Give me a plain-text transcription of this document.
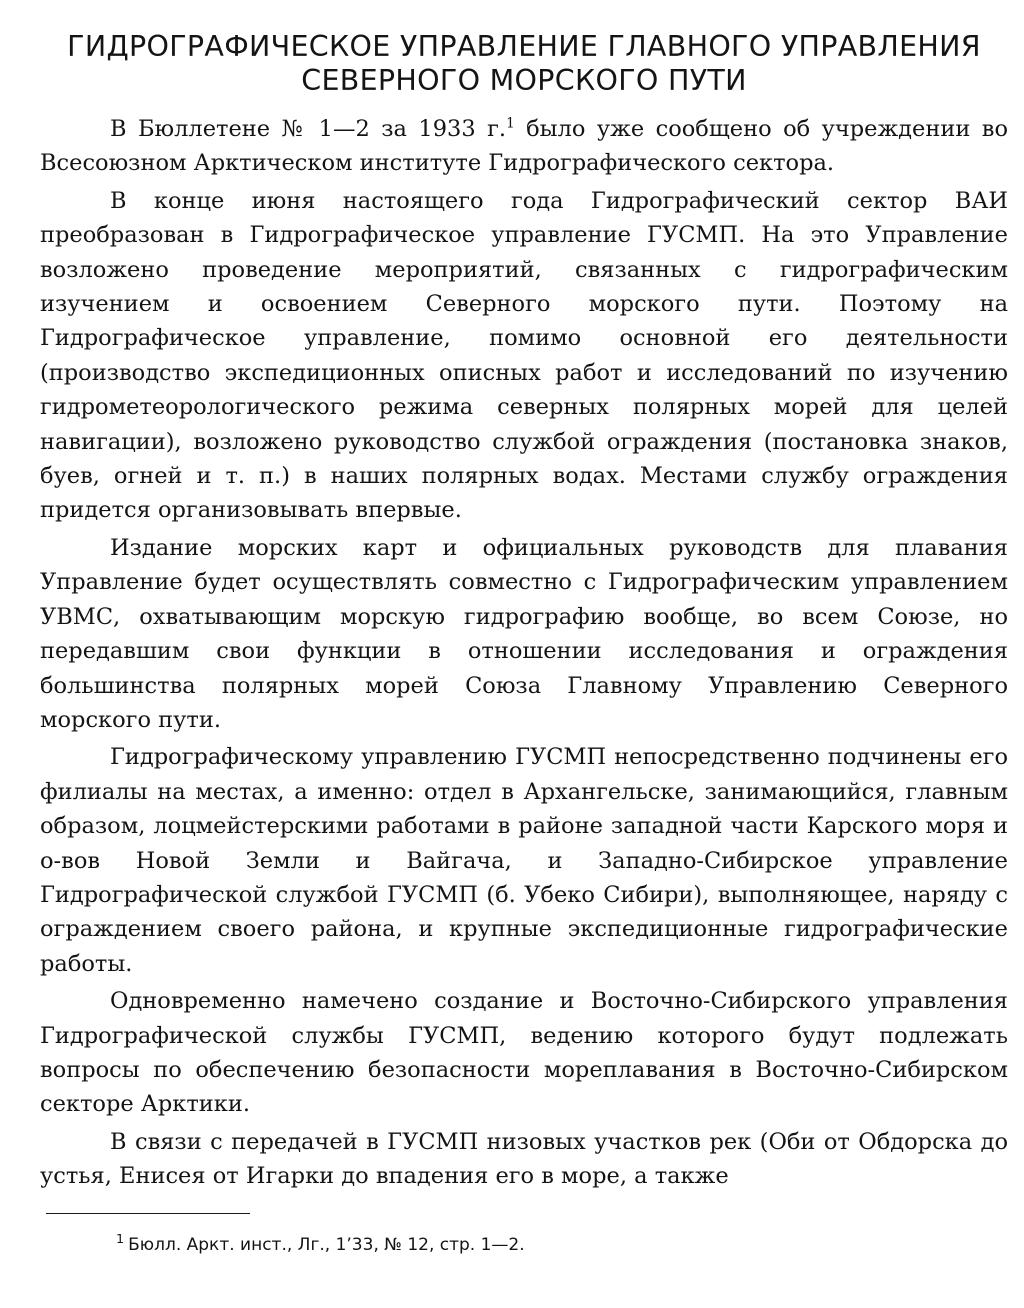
ГИДРОГРАФИЧЕСКОЕ УПРАВЛЕНИЕ ГЛАВНОГО УПРАВЛЕНИЯ
СЕВЕРНОГО МОРСКОГО ПУТИ

В Бюллетене № 1—2 за 1933 г.$^1$ было уже сообщено об учреждении во Всесоюзном Арктическом институте Гидрографического сектора.

В конце июня настоящего года Гидрографический сектор ВАИ преобразован в Гидрографическое управление ГУСМП. На это Управление возложено проведение мероприятий, связанных с гидрографическим изучением и освоением Северного морского пути. Поэтому на Гидрографическое управление, помимо основной его деятельности (производство экспедиционных описных работ и исследований по изучению гидрометеорологического режима северных полярных морей для целей навигации), возложено руководство службой ограждения (постановка знаков, буев, огней и т. п.) в наших полярных водах. Местами службу ограждения придется организовывать впервые.

Издание морских карт и официальных руководств для плавания Управление будет осуществлять совместно с Гидрографическим управлением УВМС, охватывающим морскую гидрографию вообще, во всем Союзе, но передавшим свои функции в отношении исследования и ограждения большинства полярных морей Союза Главному Управлению Северного морского пути.

Гидрографическому управлению ГУСМП непосредственно подчинены его филиалы на местах, а именно: отдел в Архангельске, занимающийся, главным образом, лоцмейстерскими работами в районе западной части Карского моря и о-вов Новой Земли и Вайгача, и Западно-Сибирское управление Гидрографической службой ГУСМП (б. Убеко Сибири), выполняющее, наряду с ограждением своего района, и крупные экспедиционные гидрографические работы.

Одновременно намечено создание и Восточно-Сибирского управления Гидрографической службы ГУСМП, ведению которого будут подлежать вопросы по обеспечению безопасности мореплавания в Восточно-Сибирском секторе Арктики.

В связи с передачей в ГУСМП низовых участков рек (Оби от Обдорска до устья, Енисея от Игарки до впадения его в море, а также

$^1$ Бюлл. Аркт. инст., Лг., 1’33, № 12, стр. 1—2.
